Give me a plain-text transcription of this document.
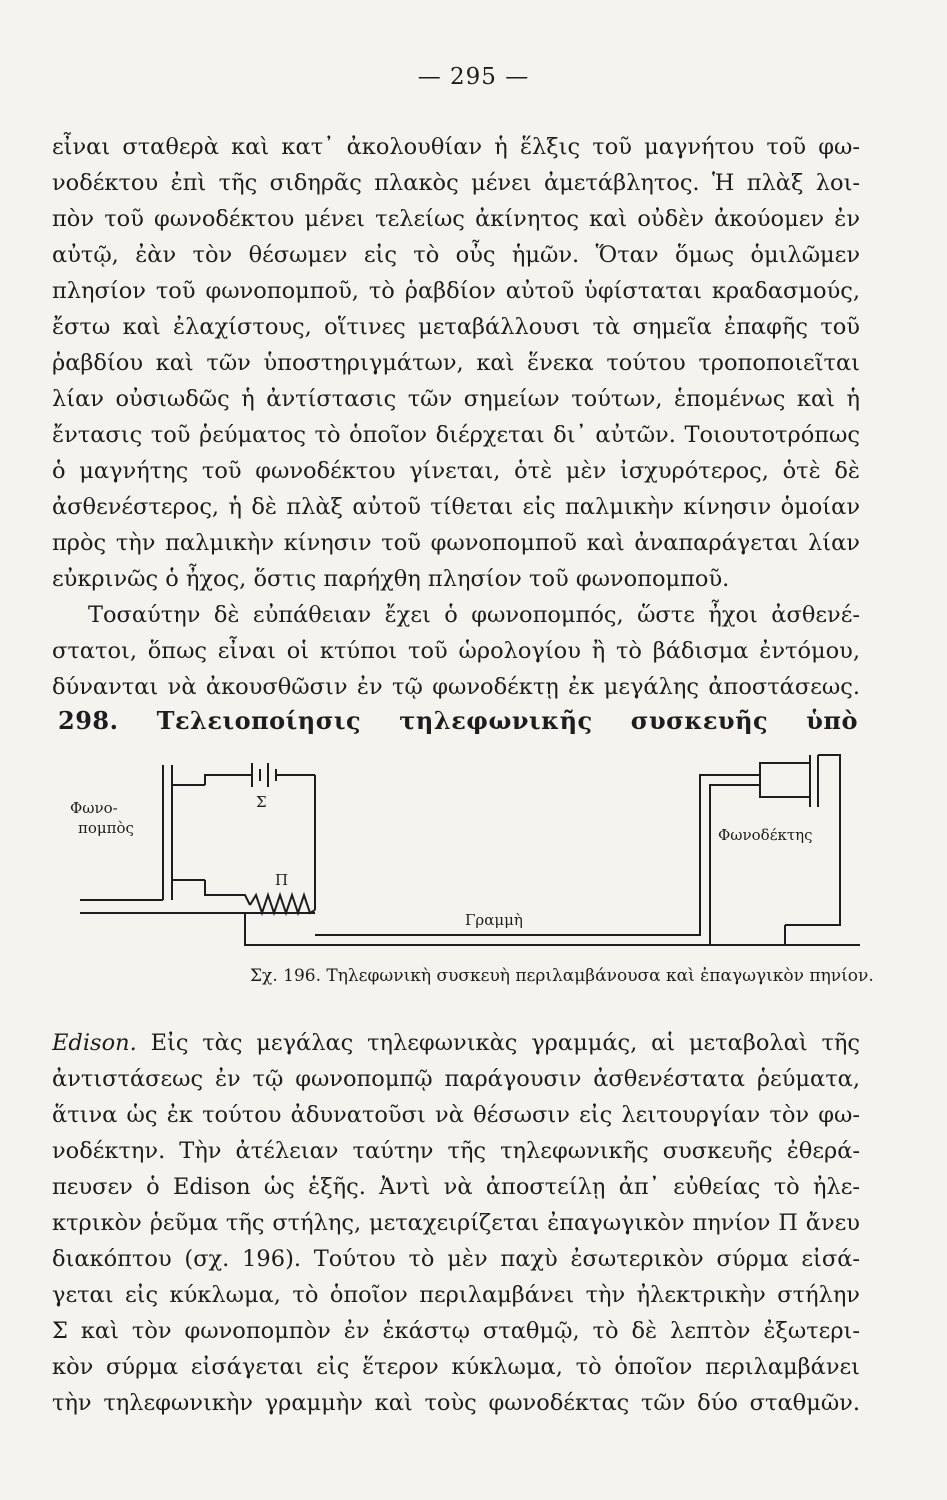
— 295 —
εἶναι σταθερὰ καὶ κατ᾽ ἀκολουθίαν ἡ ἕλξις τοῦ μαγνήτου τοῦ φω-
νοδέκτου ἐπὶ τῆς σιδηρᾶς πλακὸς μένει ἀμετάβλητος. Ἡ πλὰξ λοι-
πὸν τοῦ φωνοδέκτου μένει τελείως ἀκίνητος καὶ οὐδὲν ἀκούομεν ἐν
αὐτῷ, ἐὰν τὸν θέσωμεν εἰς τὸ οὖς ἡμῶν. Ὅταν ὅμως ὁμιλῶμεν
πλησίον τοῦ φωνοπομποῦ, τὸ ῥαβδίον αὐτοῦ ὑφίσταται κραδασμούς,
ἔστω καὶ ἐλαχίστους, οἵτινες μεταβάλλουσι τὰ σημεῖα ἐπαφῆς τοῦ
ῥαβδίου καὶ τῶν ὑποστηριγμάτων, καὶ ἕνεκα τούτου τροποποιεῖται
λίαν οὐσιωδῶς ἡ ἀντίστασις τῶν σημείων τούτων, ἑπομένως καὶ ἡ
ἔντασις τοῦ ῥεύματος τὸ ὁποῖον διέρχεται δι᾽ αὐτῶν. Τοιουτοτρόπως
ὁ μαγνήτης τοῦ φωνοδέκτου γίνεται, ὁτὲ μὲν ἰσχυρότερος, ὁτὲ δὲ
ἀσθενέστερος, ἡ δὲ πλὰξ αὐτοῦ τίθεται εἰς παλμικὴν κίνησιν ὁμοίαν
πρὸς τὴν παλμικὴν κίνησιν τοῦ φωνοπομποῦ καὶ ἀναπαράγεται λίαν
εὐκρινῶς ὁ ἦχος, ὅστις παρήχθη πλησίον τοῦ φωνοπομποῦ.
Τοσαύτην δὲ εὐπάθειαν ἔχει ὁ φωνοπομπός, ὥστε ἦχοι ἀσθενέ-
στατοι, ὅπως εἶναι οἱ κτύποι τοῦ ὡρολογίου ἢ τὸ βάδισμα ἐντόμου,
δύνανται νὰ ἀκουσθῶσιν ἐν τῷ φωνοδέκτῃ ἐκ μεγάλης ἀποστάσεως.
298. Τελειοποίησις τηλεφωνικῆς συσκευῆς ὑπὸ
Φωνο-
πομπὸς
Σ
Π
Φωνοδέκτης
Γραμμὴ
Σχ. 196. Τηλεφωνικὴ συσκευὴ περιλαμβάνουσα καὶ ἐπαγωγικὸν πηνίον.
Edison. Εἰς τὰς μεγάλας τηλεφωνικὰς γραμμάς, αἱ μεταβολαὶ τῆς
ἀντιστάσεως ἐν τῷ φωνοπομπῷ παράγουσιν ἀσθενέστατα ῥεύματα,
ἅτινα ὡς ἐκ τούτου ἀδυνατοῦσι νὰ θέσωσιν εἰς λειτουργίαν τὸν φω-
νοδέκτην. Τὴν ἀτέλειαν ταύτην τῆς τηλεφωνικῆς συσκευῆς ἐθερά-
πευσεν ὁ Edison ὡς ἑξῆς. Ἀντὶ νὰ ἀποστείλῃ ἀπ᾽ εὐθείας τὸ ἠλε-
κτρικὸν ῥεῦμα τῆς στήλης, μεταχειρίζεται ἐπαγωγικὸν πηνίον Π ἄνευ
διακόπτου (σχ. 196). Τούτου τὸ μὲν παχὺ ἐσωτερικὸν σύρμα εἰσά-
γεται εἰς κύκλωμα, τὸ ὁποῖον περιλαμβάνει τὴν ἠλεκτρικὴν στήλην
Σ καὶ τὸν φωνοπομπὸν ἐν ἑκάστῳ σταθμῷ, τὸ δὲ λεπτὸν ἐξωτερι-
κὸν σύρμα εἰσάγεται εἰς ἕτερον κύκλωμα, τὸ ὁποῖον περιλαμβάνει
τὴν τηλεφωνικὴν γραμμὴν καὶ τοὺς φωνοδέκτας τῶν δύο σταθμῶν.
